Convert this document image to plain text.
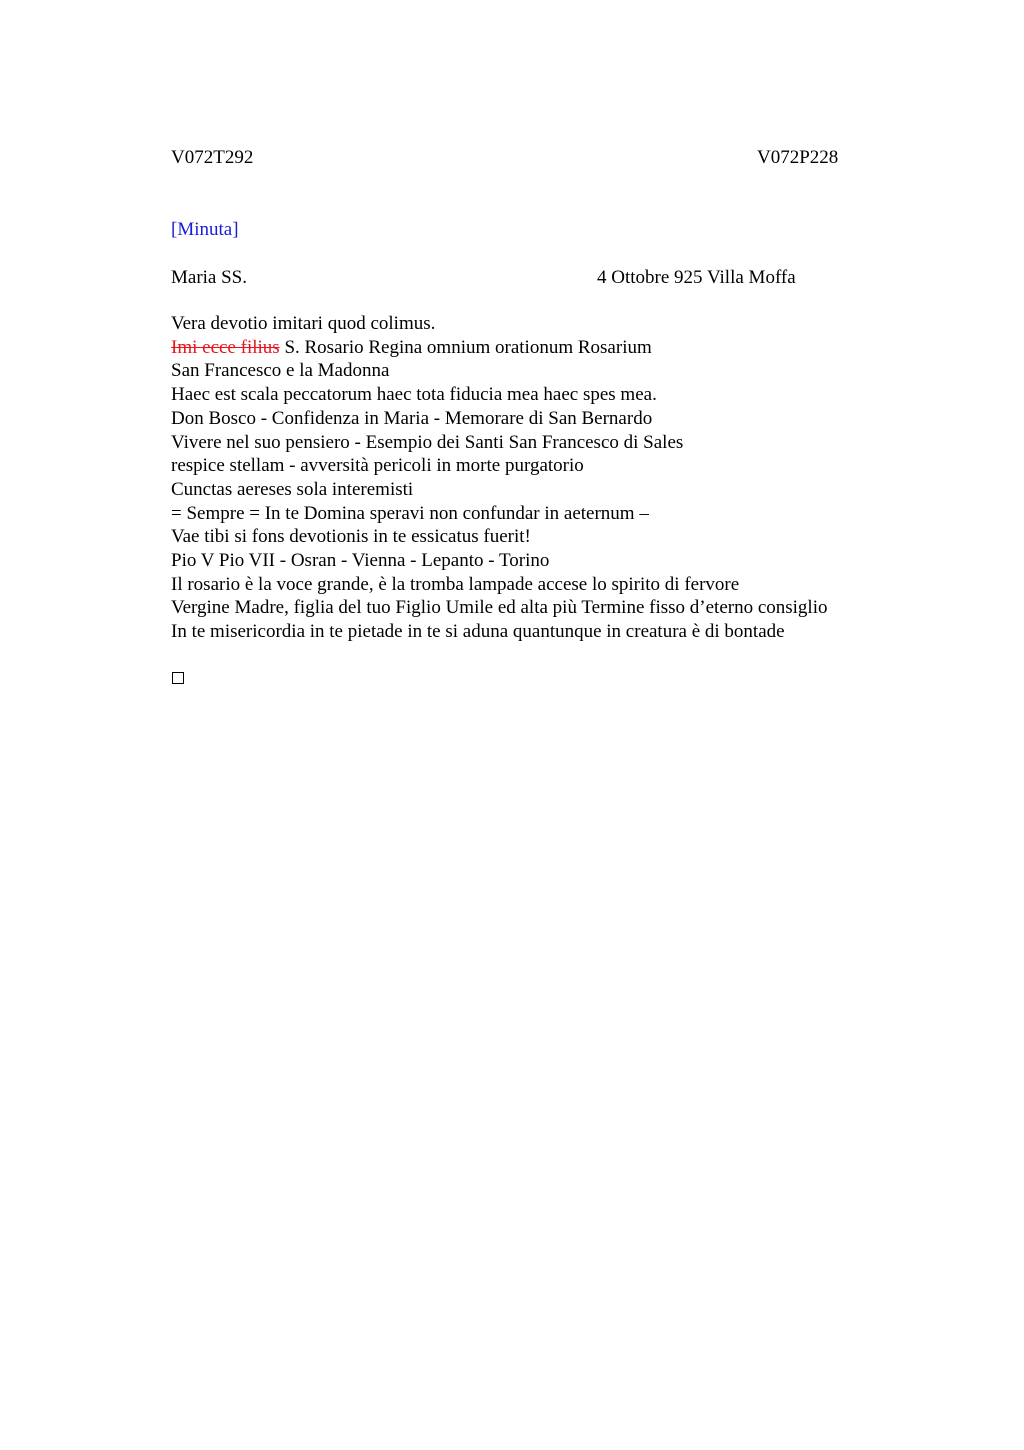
V072T292	V072P228
[Minuta]
Maria SS.	4 Ottobre 925 Villa Moffa
Vera devotio imitari quod colimus.
Imi ecce filius S. Rosario Regina omnium orationum Rosarium
San Francesco e la Madonna
Haec est scala peccatorum haec tota fiducia mea haec spes mea.
Don Bosco - Confidenza in Maria - Memorare di San Bernardo
Vivere nel suo pensiero - Esempio dei Santi San Francesco di Sales
respice stellam - avversità pericoli in morte purgatorio
Cunctas aereses sola interemisti
= Sempre = In te Domina speravi non confundar in aeternum –
Vae tibi si fons devotionis in te essicatus fuerit!
Pio V Pio VII - Osran - Vienna - Lepanto - Torino
Il rosario è la voce grande, è la tromba lampade accese lo spirito di fervore
Vergine Madre, figlia del tuo Figlio Umile ed alta più Termine fisso d’eterno consiglio
In te misericordia in te pietade in te si aduna quantunque in creatura è di bontade
